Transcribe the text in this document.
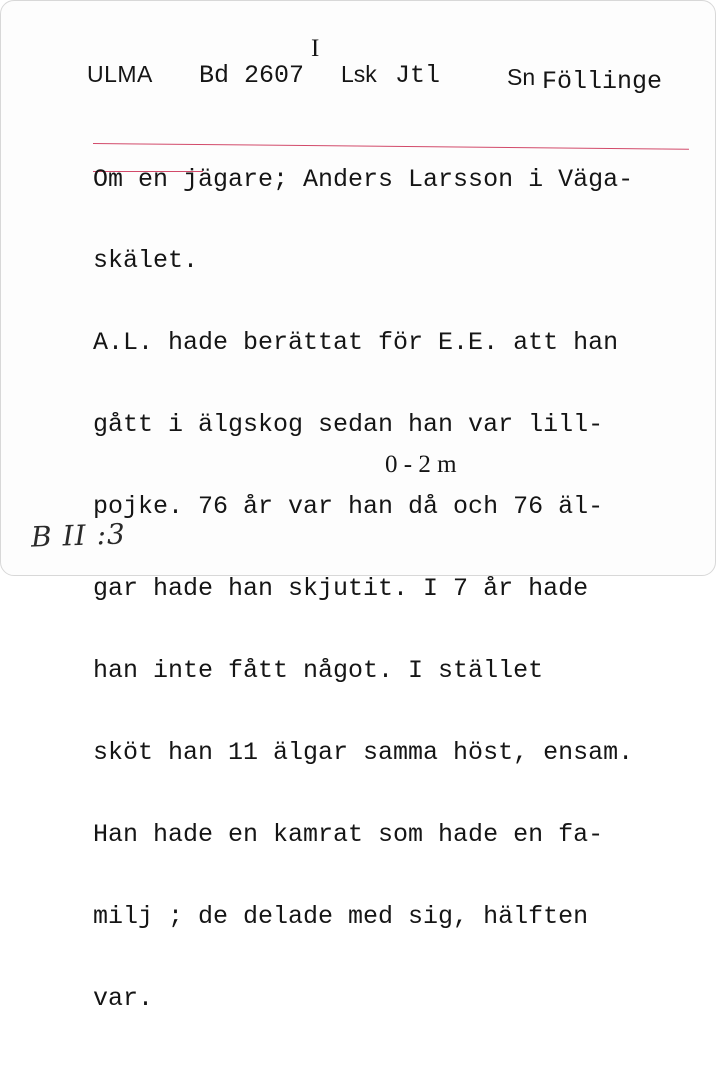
I
ULMA Bd 2607 Lsk Jtl	Sn Föllinge

Om en jägare; Anders Larsson i Väga-

skälet.

A.L. hade berättat för E.E. att han

gått i älgskog sedan han var lill-

pojke. 76 år var han då och 76 äl-

gar hade han skjutit. I 7 år hade

han inte fått något. I stället

sköt han 11 älgar samma höst, ensam.

Han hade en kamrat som hade en fa-

milj ; de delade med sig, hälften

var.

0 - 2 m
B II :3
